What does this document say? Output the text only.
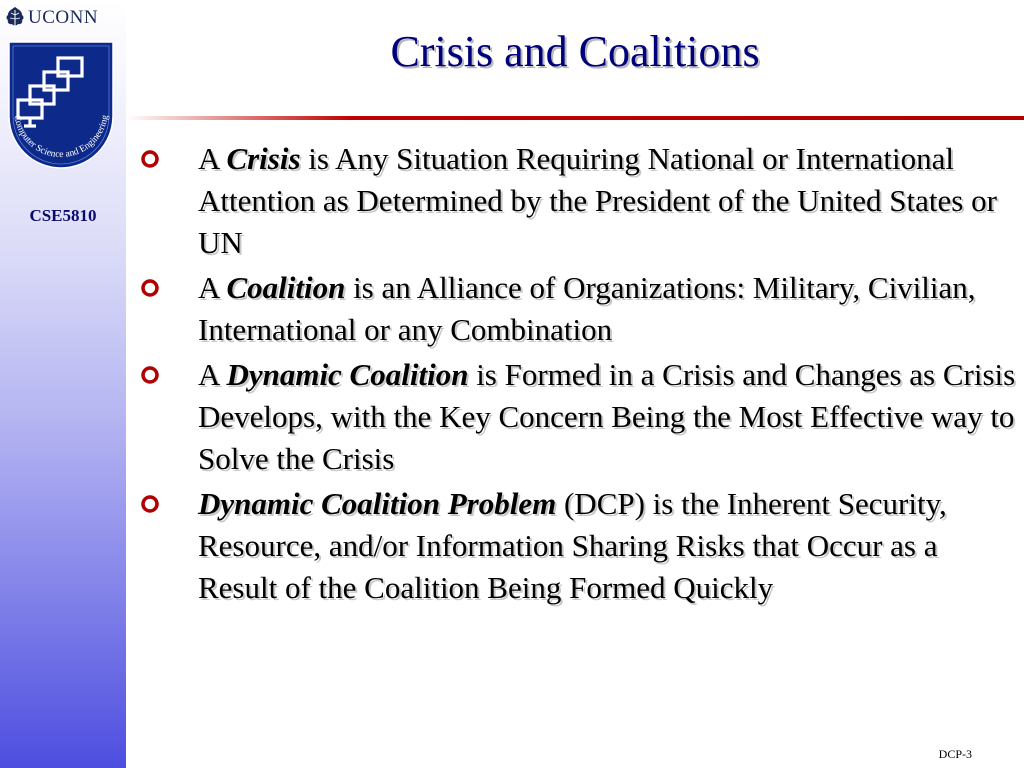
UCONN
Computer Science and Engineering
CSE5810
Crisis and Coalitions
A Crisis is Any Situation Requiring National or International Attention as Determined by the President of the United States or UN
A Coalition is an Alliance of Organizations: Military, Civilian, International or any Combination
A Dynamic Coalition is Formed in a Crisis and Changes as Crisis Develops, with the Key Concern Being the Most Effective way to Solve the Crisis
Dynamic Coalition Problem (DCP) is the Inherent Security, Resource, and/or Information Sharing Risks that Occur as a Result of the Coalition Being Formed Quickly
DCP-3
